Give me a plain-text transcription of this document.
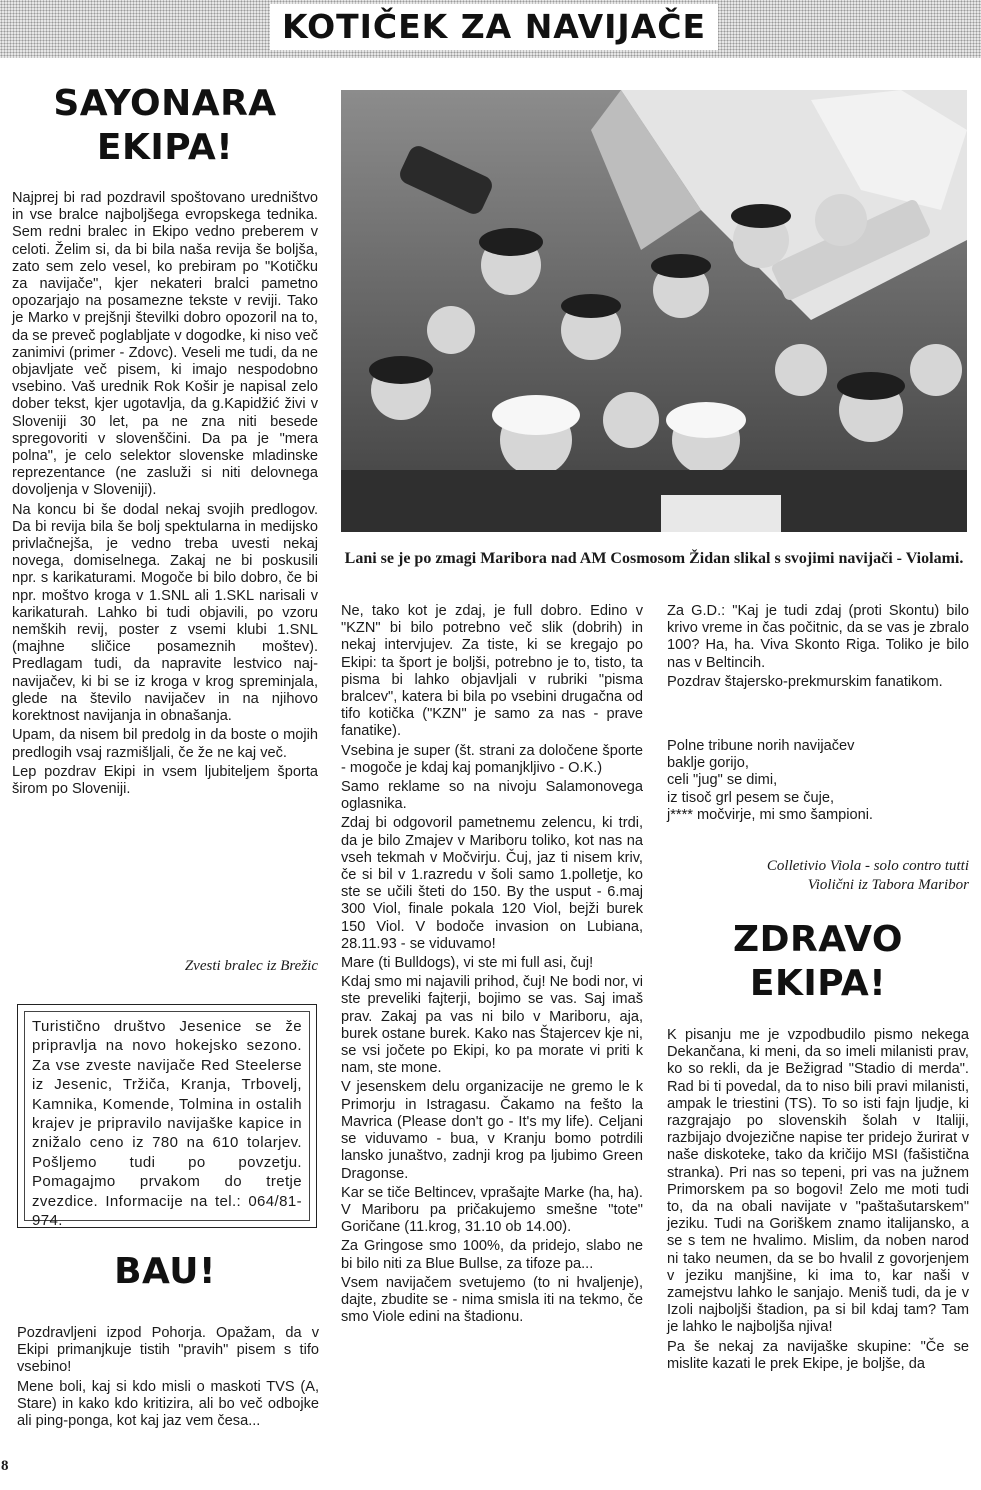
KOTIČEK ZA NAVIJAČE
SAYONARA
EKIPA!

Najprej bi rad pozdravil spoštovano uredništvo in vse bralce najboljšega evropskega tednika. Sem redni bralec in Ekipo vedno preberem v celoti. Želim si, da bi bila naša revija še boljša, zato sem zelo vesel, ko prebiram po "Kotičku za navijače", kjer nekateri bralci pametno opozarjajo na posamezne tekste v reviji. Tako je Marko v prejšnji številki dobro opozoril na to, da se preveč poglabljate v dogodke, ki niso več zanimivi (primer - Zdovc). Veseli me tudi, da ne objavljate več pisem, ki imajo nespodobno vsebino. Vaš urednik Rok Košir je napisal zelo dober tekst, kjer ugotavlja, da g.Kapidžić živi v Sloveniji 30 let, pa ne zna niti besede spregovoriti v slovenščini. Da pa je "mera polna", je celo selektor slovenske mladinske reprezentance (ne zasluži si niti delovnega dovoljenja v Sloveniji).

Na koncu bi še dodal nekaj svojih predlogov. Da bi revija bila še bolj spektularna in medijsko privlačnejša, je vedno treba uvesti nekaj novega, domiselnega. Zakaj ne bi poskusili npr. s karikaturami. Mogoče bi bilo dobro, če bi npr. moštvo kroga v 1.SNL ali 1.SKL narisali v karikaturah. Lahko bi tudi objavili, po vzoru nemških revij, poster z vsemi klubi 1.SNL (majhne sličice posameznih moštev). Predlagam tudi, da napravite lestvico naj- navijačev, ki bi se iz kroga v krog spreminjala, glede na število navijačev in na njihovo korektnost navijanja in obnašanja.

Upam, da nisem bil predolg in da boste o mojih predlogih vsaj razmišljali, če že ne kaj več.

Lep pozdrav Ekipi in vsem ljubiteljem športa širom po Sloveniji.

Zvesti bralec iz Brežic
Turistično društvo Jesenice se že pripravlja na novo hokejsko sezono. Za vse zveste navijače Red Steelerse iz Jesenic, Tržiča, Kranja, Trbovelj, Kamnika, Komende, Tolmina in ostalih krajev je pripravilo navijaške kapice in znižalo ceno iz 780 na 610 tolarjev. Pošljemo tudi po povzetju. Pomagajmo prvakom do tretje zvezdice. Informacije na tel.: 064/81-974.
BAU!

Pozdravljeni izpod Pohorja. Opažam, da v Ekipi primanjkuje tistih "pravih" pisem s tifo vsebino!

Mene boli, kaj si kdo misli o maskoti TVS (A, Stare) in kako kdo kritizira, ali bo več odbojke ali ping-ponga, kot kaj jaz vem česa...

8
Lani se je po zmagi Maribora nad AM Cosmosom Židan slikal s svojimi navijači - Violami.

Ne, tako kot je zdaj, je full dobro. Edino v "KZN" bi bilo potrebno več slik (dobrih) in nekaj intervjujev. Za tiste, ki se kregajo po Ekipi: ta šport je boljši, potrebno je to, tisto, ta pisma bi lahko objavljali v rubriki "pisma bralcev", katera bi bila po vsebini drugačna od tifo kotička ("KZN" je samo za nas - prave fanatike).

Vsebina je super (št. strani za določene športe - mogoče je kdaj kaj pomanjkljivo - O.K.)

Samo reklame so na nivoju Salamonovega oglasnika.

Zdaj bi odgovoril pametnemu zelencu, ki trdi, da je bilo Zmajev v Mariboru toliko, kot nas na vseh tekmah v Močvirju. Čuj, jaz ti nisem kriv, če si bil v 1.razredu v šoli samo 1.polletje, ko ste se učili šteti do 150. By the usput - 6.maj 300 Viol, finale pokala 120 Viol, bejži burek 150 Viol. V bodoče invasion on Lubiana, 28.11.93 - se viduvamo!

Mare (ti Bulldogs), vi ste mi full asi, čuj!

Kdaj smo mi najavili prihod, čuj! Ne bodi nor, vi ste preveliki fajterji, bojimo se vas. Saj imaš prav. Zakaj pa vas ni bilo v Mariboru, aja, burek ostane burek. Kako nas Štajercev kje ni, se vsi jočete po Ekipi, ko pa morate vi priti k nam, ste mone.

V jesenskem delu organizacije ne gremo le k Primorju in Istragasu. Čakamo na fešto la Mavrica (Please don't go - It's my life). Celjani se viduvamo - bua, v Kranju bomo potrdili lansko junaštvo, zadnji krog pa ljubimo Green Dragonse.

Kar se tiče Beltincev, vprašajte Marke (ha, ha). V Mariboru pa pričakujemo smešne "tote" Goričane (11.krog, 31.10 ob 14.00).

Za Gringose smo 100%, da pridejo, slabo ne bi bilo niti za Blue Bullse, za tifoze pa...

Vsem navijačem svetujemo (to ni hvaljenje), dajte, zbudite se - nima smisla iti na tekmo, če smo Viole edini na štadionu.

Za G.D.: "Kaj je tudi zdaj (proti Skontu) bilo krivo vreme in čas počitnic, da se vas je zbralo 100? Ha, ha. Viva Skonto Riga. Toliko je bilo nas v Beltincih.

Pozdrav štajersko-prekmurskim fanatikom.

Polne tribune norih navijačev

baklje gorijo,

celi "jug" se dimi,

iz tisoč grl pesem se čuje,

j**** močvirje, mi smo šampioni.

Colletivio Viola - solo contro tutti
Violični iz Tabora Maribor
ZDRAVO
EKIPA!

K pisanju me je vzpodbudilo pismo nekega Dekančana, ki meni, da so imeli milanisti prav, ko so rekli, da je Bežigrad "Stadio di merda". Rad bi ti povedal, da to niso bili pravi milanisti, ampak le triestini (TS). To so isti fajn ljudje, ki razgrajajo po slovenskih šolah v Italiji, razbijajo dvojezične napise ter pridejo žurirat v naše diskoteke, tako da kričijo MSI (fašistična stranka). Pri nas so tepeni, pri vas na južnem Primorskem pa so bogovi! Zelo me moti tudi to, da na obali navijate v "paštašutarskem" jeziku. Tudi na Goriškem znamo italijansko, a se s tem ne hvalimo. Mislim, da noben narod ni tako neumen, da se bo hvalil z govorjenjem v jeziku manjšine, ki ima to, kar naši v zamejstvu lahko le sanjajo. Meniš tudi, da je v Izoli najboljši štadion, pa si bil kdaj tam? Tam je lahko le najboljša njiva!

Pa še nekaj za navijaške skupine: "Če se mislite kazati le prek Ekipe, je boljše, da
